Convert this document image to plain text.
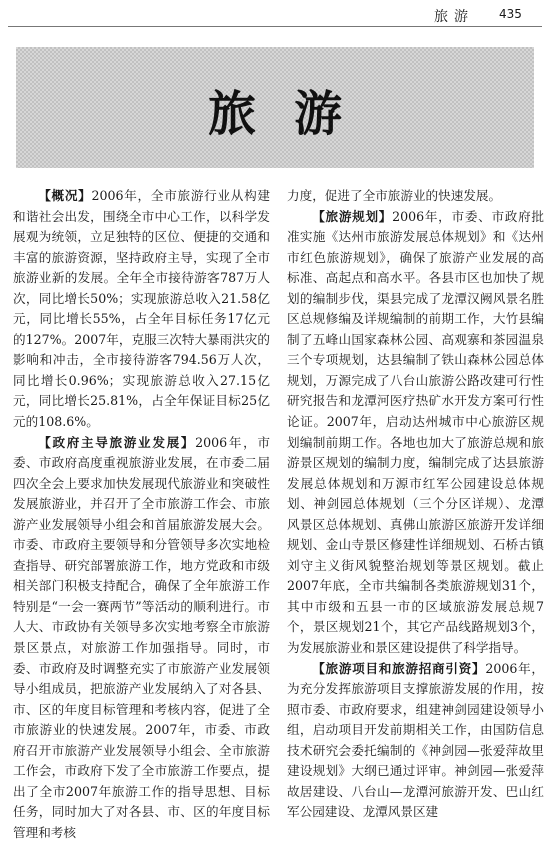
旅游 435
旅游

【概况】2006年，全市旅游行业从构建和谐社会出发，围绕全市中心工作，以科学发展观为统领，立足独特的区位、便捷的交通和丰富的旅游资源，坚持政府主导，实现了全市旅游业新的发展。全年全市接待游客787万人次，同比增长50%；实现旅游总收入21.58亿元，同比增长55%，占全年目标任务17亿元的127%。2007年，克服三次特大暴雨洪灾的影响和冲击，全市接待游客794.56万人次，同比增长0.96%；实现旅游总收入27.15亿元，同比增长25.81%，占全年保证目标25亿元的108.6%。

【政府主导旅游业发展】2006年，市委、市政府高度重视旅游业发展，在市委二届四次全会上要求加快发展现代旅游业和突破性发展旅游业，并召开了全市旅游工作会、市旅游产业发展领导小组会和首届旅游发展大会。市委、市政府主要领导和分管领导多次实地检查指导、研究部署旅游工作，地方党政和市级相关部门积极支持配合，确保了全年旅游工作特别是“一会一赛两节”等活动的顺利进行。市人大、市政协有关领导多次实地考察全市旅游景区景点，对旅游工作加强指导。同时，市委、市政府及时调整充实了市旅游产业发展领导小组成员，把旅游产业发展纳入了对各县、市、区的年度目标管理和考核内容，促进了全市旅游业的快速发展。2007年，市委、市政府召开市旅游产业发展领导小组会、全市旅游工作会，市政府下发了全市旅游工作要点，提出了全市2007年旅游工作的指导思想、目标任务，同时加大了对各县、市、区的年度目标管理和考核

力度，促进了全市旅游业的快速发展。

【旅游规划】2006年，市委、市政府批准实施《达州市旅游发展总体规划》和《达州市红色旅游规划》，确保了旅游产业发展的高标准、高起点和高水平。各县市区也加快了规划的编制步伐，渠县完成了龙潭汉阙风景名胜区总规修编及详规编制的前期工作，大竹县编制了五峰山国家森林公园、高观寨和茶园温泉三个专项规划，达县编制了铁山森林公园总体规划，万源完成了八台山旅游公路改建可行性研究报告和龙潭河医疗热矿水开发方案可行性论证。2007年，启动达州城市中心旅游区规划编制前期工作。各地也加大了旅游总规和旅游景区规划的编制力度，编制完成了达县旅游发展总体规划和万源市红军公园建设总体规划、神剑园总体规划（三个分区详规）、龙潭风景区总体规划、真佛山旅游区旅游开发详细规划、金山寺景区修建性详细规划、石桥古镇刘守主义街风貌整治规划等景区规划。截止2007年底，全市共编制各类旅游规划31个，其中市级和五县一市的区域旅游发展总规7个，景区规划21个，其它产品线路规划3个，为发展旅游业和景区建设提供了科学指导。

【旅游项目和旅游招商引资】2006年，为充分发挥旅游项目支撑旅游发展的作用，按照市委、市政府要求，组建神剑园建设领导小组，启动项目开发前期相关工作，由国防信息技术研究会委托编制的《神剑园—张爱萍故里建设规划》大纲已通过评审。神剑园—张爱萍故居建设、八台山—龙潭河旅游开发、巴山红军公园建设、龙潭风景区建
